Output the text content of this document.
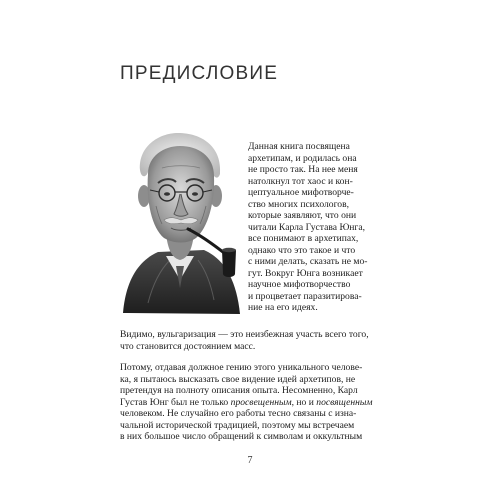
ПРЕДИСЛОВИЕ

Данная книга посвящена
архетипам, и родилась она
не просто так. На нее меня
натолкнул тот хаос и кон-
цептуальное мифотворче-
ство многих психологов,
которые заявляют, что они
читали Карла Густава Юнга,
все понимают в архетипах,
однако что это такое и что
с ними делать, сказать не мо-
гут. Вокруг Юнга возникает
научное мифотворчество
и процветает паразитирова-
ние на его идеях.

Видимо, вульгаризация — это неизбежная участь всего того,
что становится достоянием масс.

Потому, отдавая должное гению этого уникального челове-
ка, я пытаюсь высказать свое видение идей архетипов, не
претендуя на полноту описания опыта. Несомненно, Карл
Густав Юнг был не только просвещенным, но и посвященным
человеком. Не случайно его работы тесно связаны с изна-
чальной исторической традицией, поэтому мы встречаем
в них большое число обращений к символам и оккультным

7
